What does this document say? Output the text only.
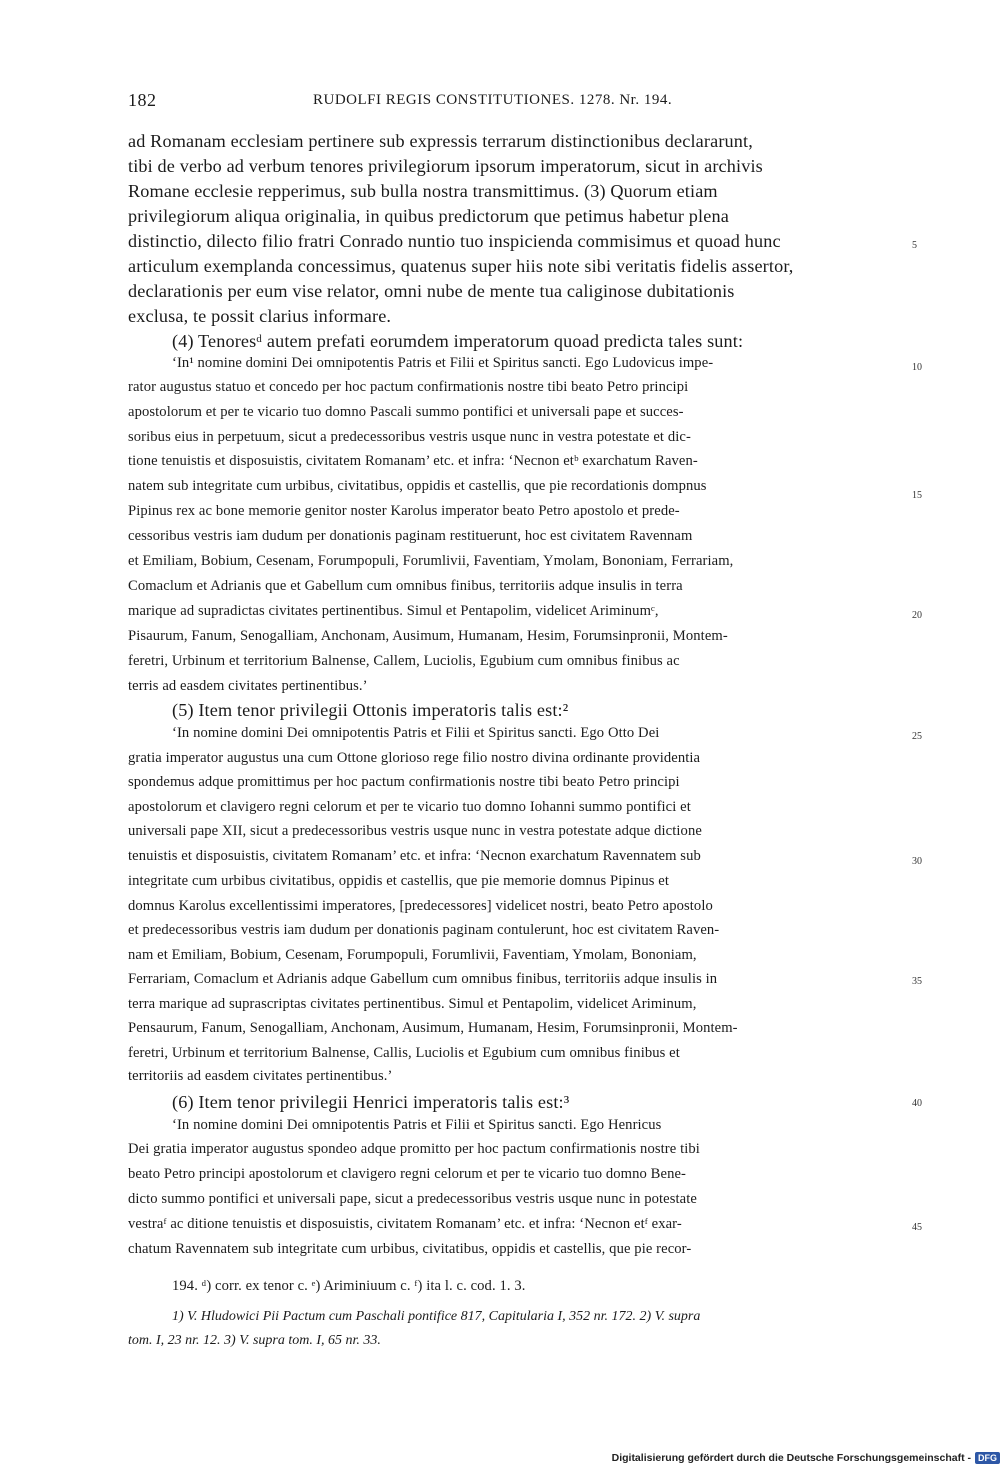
182	RUDOLFI REGIS CONSTITUTIONES. 1278. Nr. 194.
ad Romanam ecclesiam pertinere sub expressis terrarum distinctionibus declararunt,
tibi de verbo ad verbum tenores privilegiorum ipsorum imperatorum, sicut in archivis
Romane ecclesie repperimus, sub bulla nostra transmittimus. (3) Quorum etiam
privilegiorum aliqua originalia, in quibus predictorum que petimus habetur plena
distinctio, dilecto filio fratri Conrado nuntio tuo inspicienda commisimus et quoad hunc
articulum exemplanda concessimus, quatenus super hiis note sibi veritatis fidelis assertor,
declarationis per eum vise relator, omni nube de mente tua caliginose dubitationis
exclusa, te possit clarius informare.
(4) Tenoresᵈ autem prefati eorumdem imperatorum quoad predicta tales sunt:
‘In¹ nomine domini Dei omnipotentis Patris et Filii et Spiritus sancti. Ego Ludovicus impe-
rator augustus statuo et concedo per hoc pactum confirmationis nostre tibi beato Petro principi
apostolorum et per te vicario tuo domno Pascali summo pontifici et universali pape et succes-
soribus eius in perpetuum, sicut a predecessoribus vestris usque nunc in vestra potestate et dic-
tione tenuistis et disposuistis, civitatem Romanam’ etc. et infra: ‘Necnon etᵇ exarchatum Raven-
natem sub integritate cum urbibus, civitatibus, oppidis et castellis, que pie recordationis dompnus
Pipinus rex ac bone memorie genitor noster Karolus imperator beato Petro apostolo et prede-
cessoribus vestris iam dudum per donationis paginam restituerunt, hoc est civitatem Ravennam
et Emiliam, Bobium, Cesenam, Forumpopuli, Forumlivii, Faventiam, Ymolam, Bononiam, Ferrariam,
Comaclum et Adrianis que et Gabellum cum omnibus finibus, territoriis adque insulis in terra
marique ad supradictas civitates pertinentibus. Simul et Pentapolim, videlicet Ariminumᶜ,
Pisaurum, Fanum, Senogalliam, Anchonam, Ausimum, Humanam, Hesim, Forumsinpronii, Montem-
feretri, Urbinum et territorium Balnense, Callem, Luciolis, Egubium cum omnibus finibus ac
terris ad easdem civitates pertinentibus.’
(5) Item tenor privilegii Ottonis imperatoris talis est:²
‘In nomine domini Dei omnipotentis Patris et Filii et Spiritus sancti. Ego Otto Dei
gratia imperator augustus una cum Ottone glorioso rege filio nostro divina ordinante providentia
spondemus adque promittimus per hoc pactum confirmationis nostre tibi beato Petro principi
apostolorum et clavigero regni celorum et per te vicario tuo domno Iohanni summo pontifici et
universali pape XII, sicut a predecessoribus vestris usque nunc in vestra potestate adque dictione
tenuistis et disposuistis, civitatem Romanam’ etc. et infra: ‘Necnon exarchatum Ravennatem sub
integritate cum urbibus civitatibus, oppidis et castellis, que pie memorie domnus Pipinus et
domnus Karolus excellentissimi imperatores, [predecessores] videlicet nostri, beato Petro apostolo
et predecessoribus vestris iam dudum per donationis paginam contulerunt, hoc est civitatem Raven-
nam et Emiliam, Bobium, Cesenam, Forumpopuli, Forumlivii, Faventiam, Ymolam, Bononiam,
Ferrariam, Comaclum et Adrianis adque Gabellum cum omnibus finibus, territoriis adque insulis in
terra marique ad suprascriptas civitates pertinentibus. Simul et Pentapolim, videlicet Ariminum,
Pensaurum, Fanum, Senogalliam, Anchonam, Ausimum, Humanam, Hesim, Forumsinpronii, Montem-
feretri, Urbinum et territorium Balnense, Callis, Luciolis et Egubium cum omnibus finibus et
territoriis ad easdem civitates pertinentibus.’
(6) Item tenor privilegii Henrici imperatoris talis est:³
‘In nomine domini Dei omnipotentis Patris et Filii et Spiritus sancti. Ego Henricus
Dei gratia imperator augustus spondeo adque promitto per hoc pactum confirmationis nostre tibi
beato Petro principi apostolorum et clavigero regni celorum et per te vicario tuo domno Bene-
dicto summo pontifici et universali pape, sicut a predecessoribus vestris usque nunc in potestate
vestraᶠ ac ditione tenuistis et disposuistis, civitatem Romanam’ etc. et infra: ‘Necnon etᶠ exar-
chatum Ravennatem sub integritate cum urbibus, civitatibus, oppidis et castellis, que pie recor-
5
10
15
20
25
30
35
40
45
194. ᵈ) corr. ex tenor c. ᵉ) Ariminiuum c. ᶠ) ita l. c. cod. 1. 3.
1) V. Hludowici Pii Pactum cum Paschali pontifice 817, Capitularia I, 352 nr. 172. 2) V. supra
tom. I, 23 nr. 12. 3) V. supra tom. I, 65 nr. 33.
Digitalisierung gefördert durch die Deutsche Forschungsgemeinschaft - DFG
